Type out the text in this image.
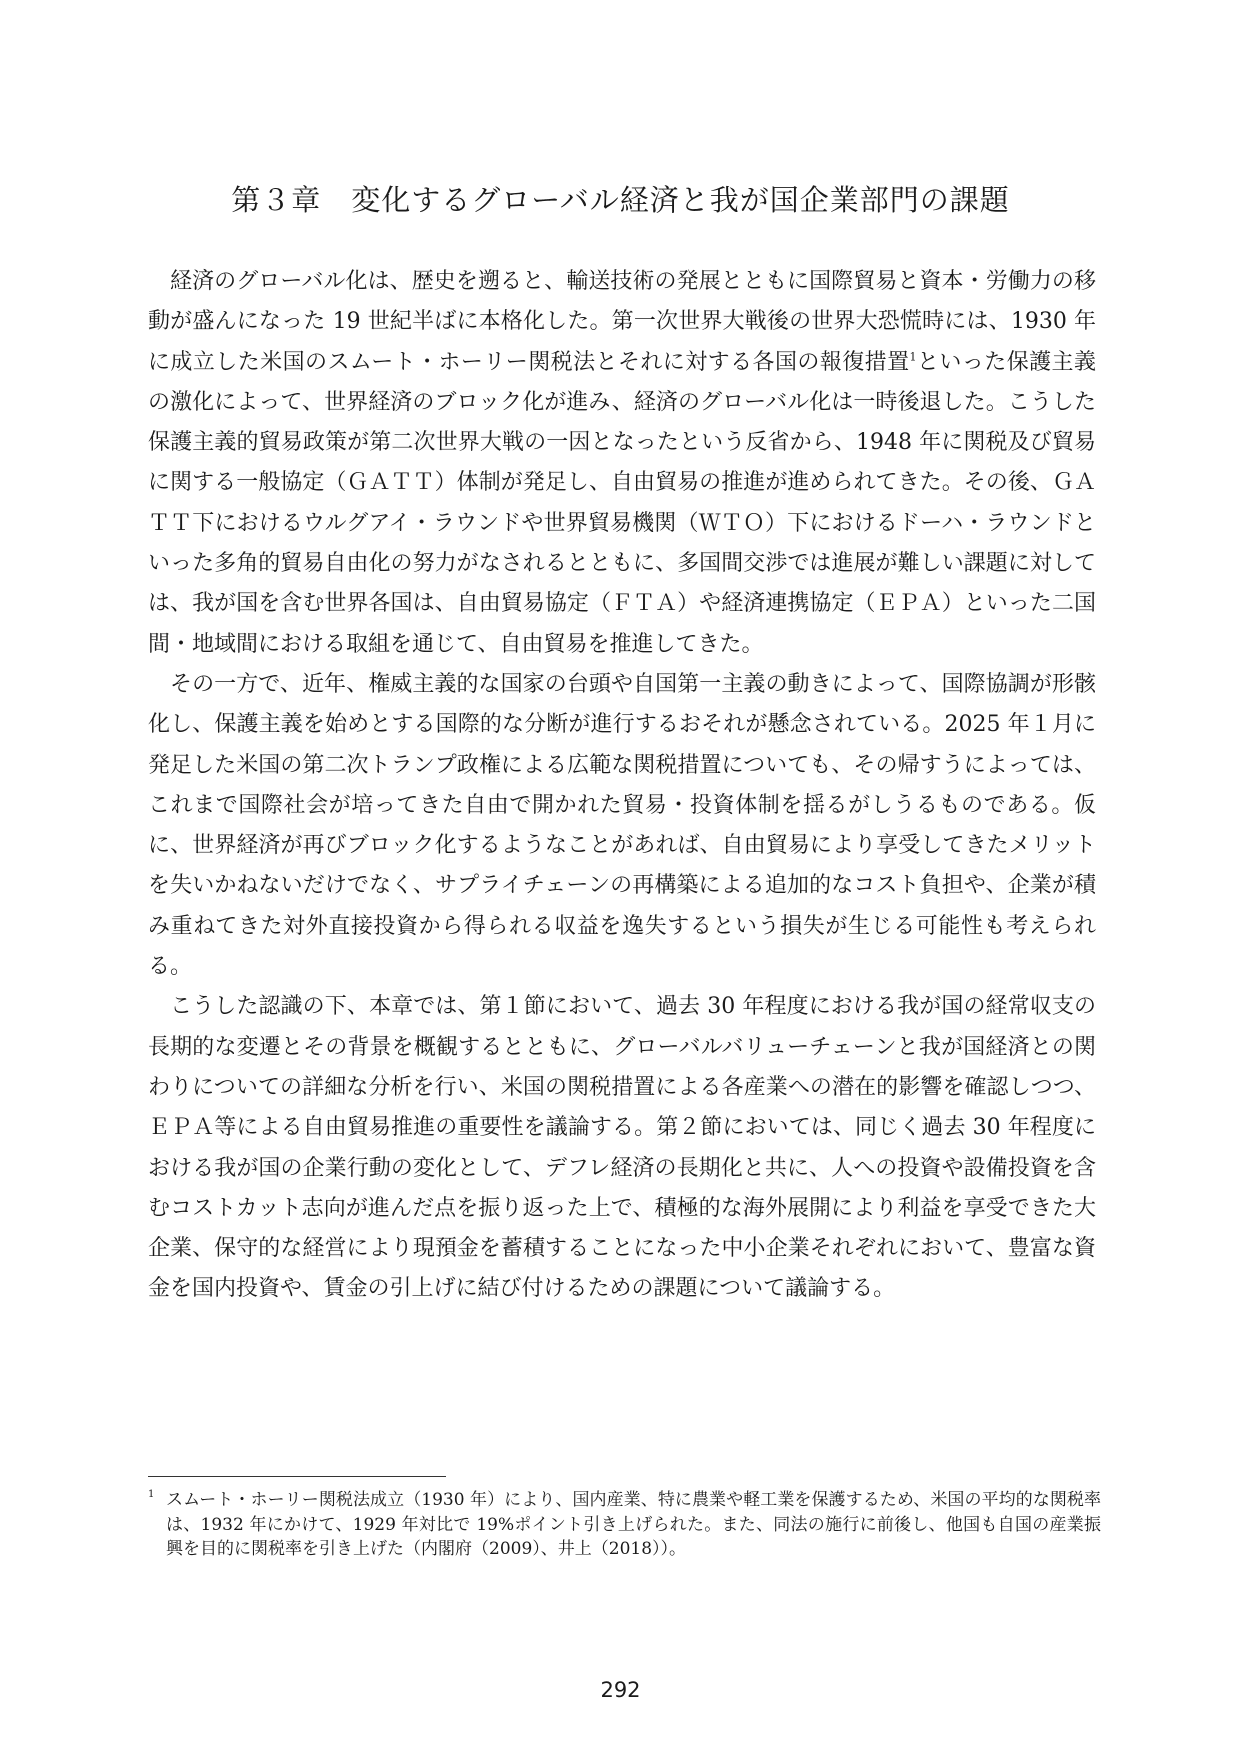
第３章　変化するグローバル経済と我が国企業部門の課題

経済のグローバル化は、歴史を遡ると、輸送技術の発展とともに国際貿易と資本・労働力の移動が盛んになった 19 世紀半ばに本格化した。第一次世界大戦後の世界大恐慌時には、1930 年に成立した米国のスムート・ホーリー関税法とそれに対する各国の報復措置$^1$といった保護主義の激化によって、世界経済のブロック化が進み、経済のグローバル化は一時後退した。こうした保護主義的貿易政策が第二次世界大戦の一因となったという反省から、1948 年に関税及び貿易に関する一般協定（ＧＡＴＴ）体制が発足し、自由貿易の推進が進められてきた。その後、ＧＡＴＴ下におけるウルグアイ・ラウンドや世界貿易機関（ＷＴＯ）下におけるドーハ・ラウンドといった多角的貿易自由化の努力がなされるとともに、多国間交渉では進展が難しい課題に対しては、我が国を含む世界各国は、自由貿易協定（ＦＴＡ）や経済連携協定（ＥＰＡ）といった二国間・地域間における取組を通じて、自由貿易を推進してきた。

その一方で、近年、権威主義的な国家の台頭や自国第一主義の動きによって、国際協調が形骸化し、保護主義を始めとする国際的な分断が進行するおそれが懸念されている。2025 年１月に発足した米国の第二次トランプ政権による広範な関税措置についても、その帰すうによっては、これまで国際社会が培ってきた自由で開かれた貿易・投資体制を揺るがしうるものである。仮に、世界経済が再びブロック化するようなことがあれば、自由貿易により享受してきたメリットを失いかねないだけでなく、サプライチェーンの再構築による追加的なコスト負担や、企業が積み重ねてきた対外直接投資から得られる収益を逸失するという損失が生じる可能性も考えられる。

こうした認識の下、本章では、第１節において、過去 30 年程度における我が国の経常収支の長期的な変遷とその背景を概観するとともに、グローバルバリューチェーンと我が国経済との関わりについての詳細な分析を行い、米国の関税措置による各産業への潜在的影響を確認しつつ、ＥＰＡ等による自由貿易推進の重要性を議論する。第２節においては、同じく過去 30 年程度における我が国の企業行動の変化として、デフレ経済の長期化と共に、人への投資や設備投資を含むコストカット志向が進んだ点を振り返った上で、積極的な海外展開により利益を享受できた大企業、保守的な経営により現預金を蓄積することになった中小企業それぞれにおいて、豊富な資金を国内投資や、賃金の引上げに結び付けるための課題について議論する。

1 スムート・ホーリー関税法成立（1930 年）により、国内産業、特に農業や軽工業を保護するため、米国の平均的な関税率は、1932 年にかけて、1929 年対比で 19%ポイント引き上げられた。また、同法の施行に前後し、他国も自国の産業振興を目的に関税率を引き上げた（内閣府（2009）、井上（2018））。
292
